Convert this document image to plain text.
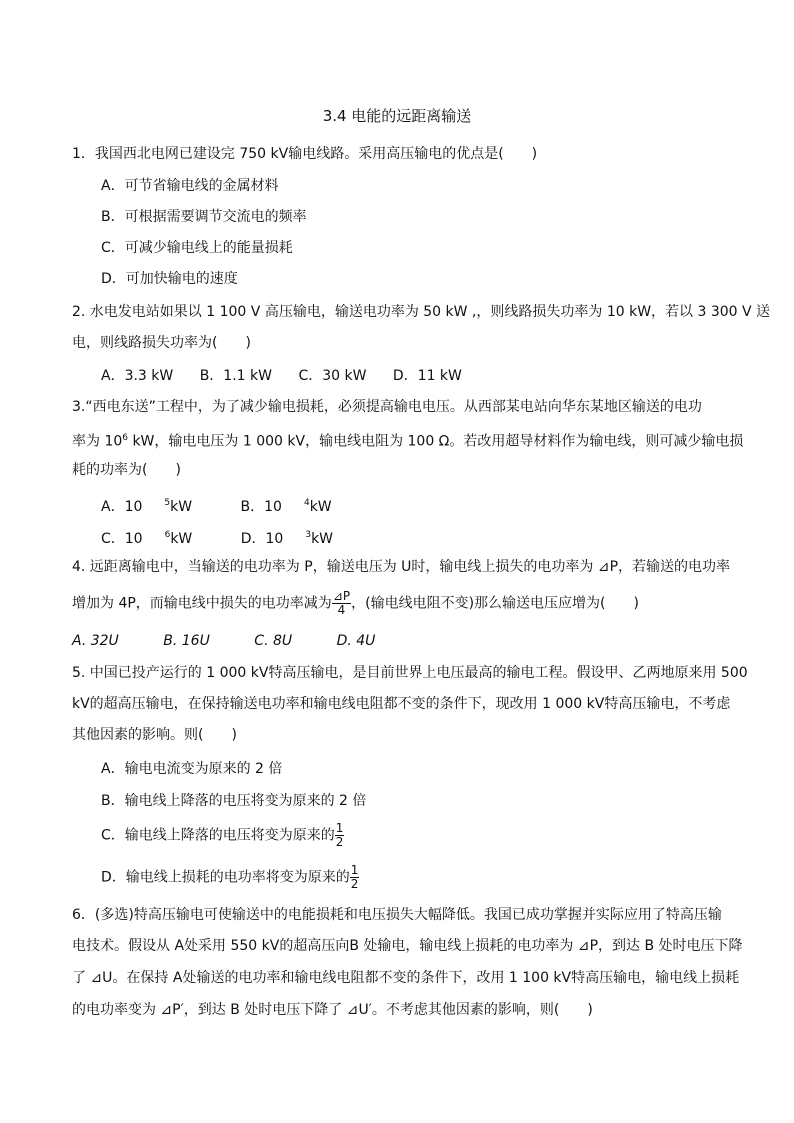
3.4 电能的远距离输送
1．我国西北电网已建设完 750 kV输电线路。采用高压输电的优点是(　　)
A．可节省输电线的金属材料
B．可根据需要调节交流电的频率
C．可减少输电线上的能量损耗
D．可加快输电的速度
2. 水电发电站如果以 1 100 V 高压输电，输送电功率为 50 kW ,，则线路损失功率为 10 kW，若以 3 300 V 送
电，则线路损失功率为(　　)
A．3.3 kW B．1.1 kW C．30 kW D．11 kW
3.“西电东送”工程中，为了减少输电损耗，必须提高输电电压。从西部某电站向华东某地区输送的电功
率为 $10^6$ kW，输电电压为 1 000 kV，输电线电阻为 100 Ω。若改用超导材料作为输电线，则可减少输电损
耗的功率为(　　)
A．10 $^5$kW	B．10 $^4$kW
C．10 $^6$kW	D．10 $^3$kW
4. 远距离输电中，当输送的电功率为 P，输送电压为 U时，输电线上损失的电功率为 ⊿P，若输送的电功率
增加为 4P，而输电线中损失的电功率减为 $\frac{⊿P}{4}$ ，(输电线电阻不变)那么输送电压应增为(　　)
A. 32U	B. 16U	C. 8U	D. 4U
5. 中国已投产运行的 1 000 kV特高压输电，是目前世界上电压最高的输电工程。假设甲、乙两地原来用 500
kV的超高压输电，在保持输送电功率和输电线电阻都不变的条件下，现改用 1 000 kV特高压输电，不考虑
其他因素的影响。则(　　)
A．输电电流变为原来的 2 倍
B．输电线上降落的电压将变为原来的 2 倍
C．输电线上降落的电压将变为原来的 $\frac{1}{2}$
D．输电线上损耗的电功率将变为原来的 $\frac{1}{2}$
6．(多选)特高压输电可使输送中的电能损耗和电压损失大幅降低。我国已成功掌握并实际应用了特高压输
电技术。假设从 A处采用 550 kV的超高压向B 处输电，输电线上损耗的电功率为 ⊿P，到达 B 处时电压下降
了 ⊿U。在保持 A处输送的电功率和输电线电阻都不变的条件下，改用 1 100 kV特高压输电，输电线上损耗
的电功率变为 ⊿P′，到达 B 处时电压下降了 ⊿U′。不考虑其他因素的影响，则(　　)
